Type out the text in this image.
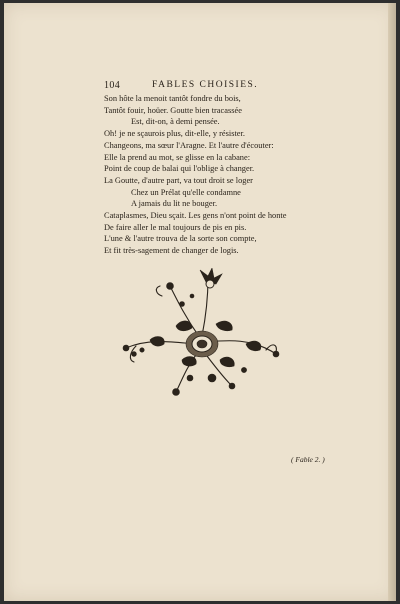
104	FABLES CHOISIES.
Son hôte la menoit tantôt fondre du bois,
Tantôt fouir, hoüer. Goutte bien tracassée
Est, dit-on, à demi pensée.
Oh! je ne sçaurois plus, dit-elle, y résister.
Changeons, ma sœur l'Aragne. Et l'autre d'écouter:
Elle la prend au mot, se glisse en la cabane:
Point de coup de balai qui l'oblige à changer.
La Goutte, d'autre part, va tout droit se loger
Chez un Prélat qu'elle condamne
A jamais du lit ne bouger.
Cataplasmes, Dieu sçait. Les gens n'ont point de honte
De faire aller le mal toujours de pis en pis.
L'une & l'autre trouva de la sorte son compte,
Et fit très-sagement de changer de logis.
( Fable 2. )
